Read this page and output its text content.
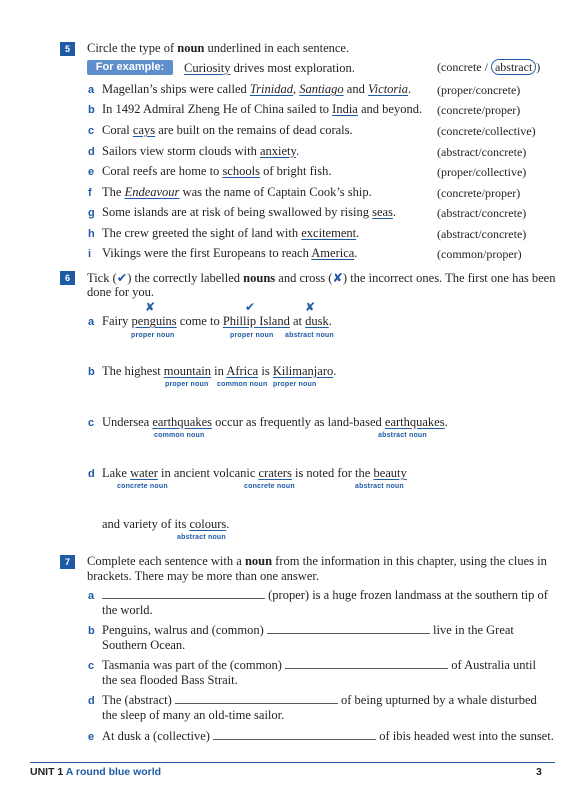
5	Circle the type of noun underlined in each sentence.
For example:	Curiosity drives most exploration.	(concrete / abstract )
a Magellan’s ships were called Trinidad, Santiago and Victoria. (proper/concrete)
b In 1492 Admiral Zheng He of China sailed to India and beyond. (concrete/proper)
c Coral cays are built on the remains of dead corals.	(concrete/collective)
d Sailors view storm clouds with anxiety.	(abstract/concrete)
e Coral reefs are home to schools of bright fish.	(proper/collective)
f The Endeavour was the name of Captain Cook’s ship.	(concrete/proper)
g Some islands are at risk of being swallowed by rising seas.	(abstract/concrete)
h The crew greeted the sight of land with excitement.	(abstract/concrete)
i Vikings were the first Europeans to reach America.	(common/proper)
6	Tick (✔) the correctly labelled nouns and cross (✘) the incorrect ones. The first one has been
done for you.
✘	✔	✘
a Fairy penguins come to Phillip Island at dusk.
proper noun	proper noun abstract noun
b The highest mountain in Africa is Kilimanjaro.
proper noun common noun proper noun
c Undersea earthquakes occur as frequently as land-based earthquakes.
common noun	abstract noun
d Lake water in ancient volcanic craters is noted for the beauty
concrete noun	concrete noun	abstract noun
and variety of its colours.
abstract noun
7	Complete each sentence with a noun from the information in this chapter, using the clues in
brackets. There may be more than one answer.
a	(proper) is a huge frozen landmass at the southern tip of
the world.
b Penguins, walrus and (common)	live in the Great
Southern Ocean.
c Tasmania was part of the (common)	of Australia until
the sea flooded Bass Strait.
d The (abstract)	of being upturned by a whale disturbed
the sleep of many an old-time sailor.
e At dusk a (collective)	of ibis headed west into the sunset.
UNIT 1 A round blue world	3
